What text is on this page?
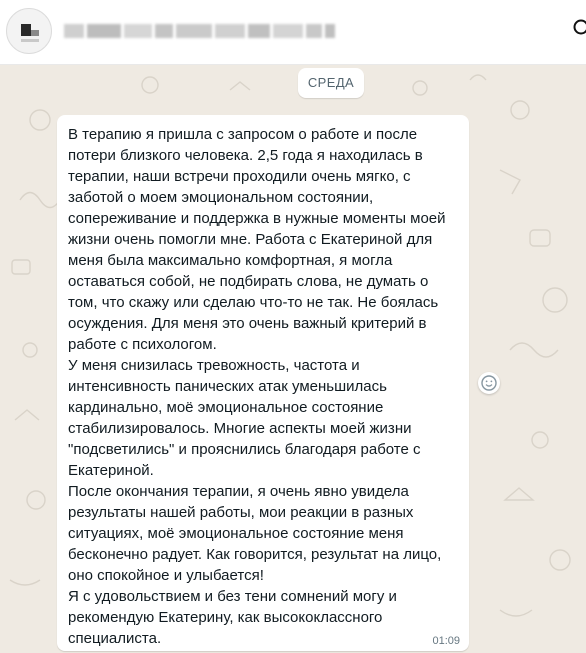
СРЕДА

В терапию я пришла с запросом о работе и после потери близкого человека. 2,5 года я находилась в терапии, наши встречи проходили очень мягко, с заботой о моем эмоциональном состоянии, сопереживание и поддержка в нужные моменты моей жизни очень помогли мне. Работа с Екатериной для меня была максимально комфортная, я могла оставаться собой, не подбирать слова, не думать о том, что скажу или сделаю что-то не так. Не боялась осуждения. Для меня это очень важный критерий в работе с психологом.

У меня снизилась тревожность, частота и интенсивность панических атак уменьшилась кардинально, моё эмоциональное состояние стабилизировалось. Многие аспекты моей жизни "подсветились" и прояснились благодаря работе с Екатериной.

После окончания терапии, я очень явно увидела результаты нашей работы, мои реакции в разных ситуациях, моё эмоциональное состояние меня бесконечно радует. Как говорится, результат на лицо, оно спокойное и улыбается!

Я с удовольствием и без тени сомнений могу и рекомендую Екатерину, как высококлассного специалиста.	01:09
